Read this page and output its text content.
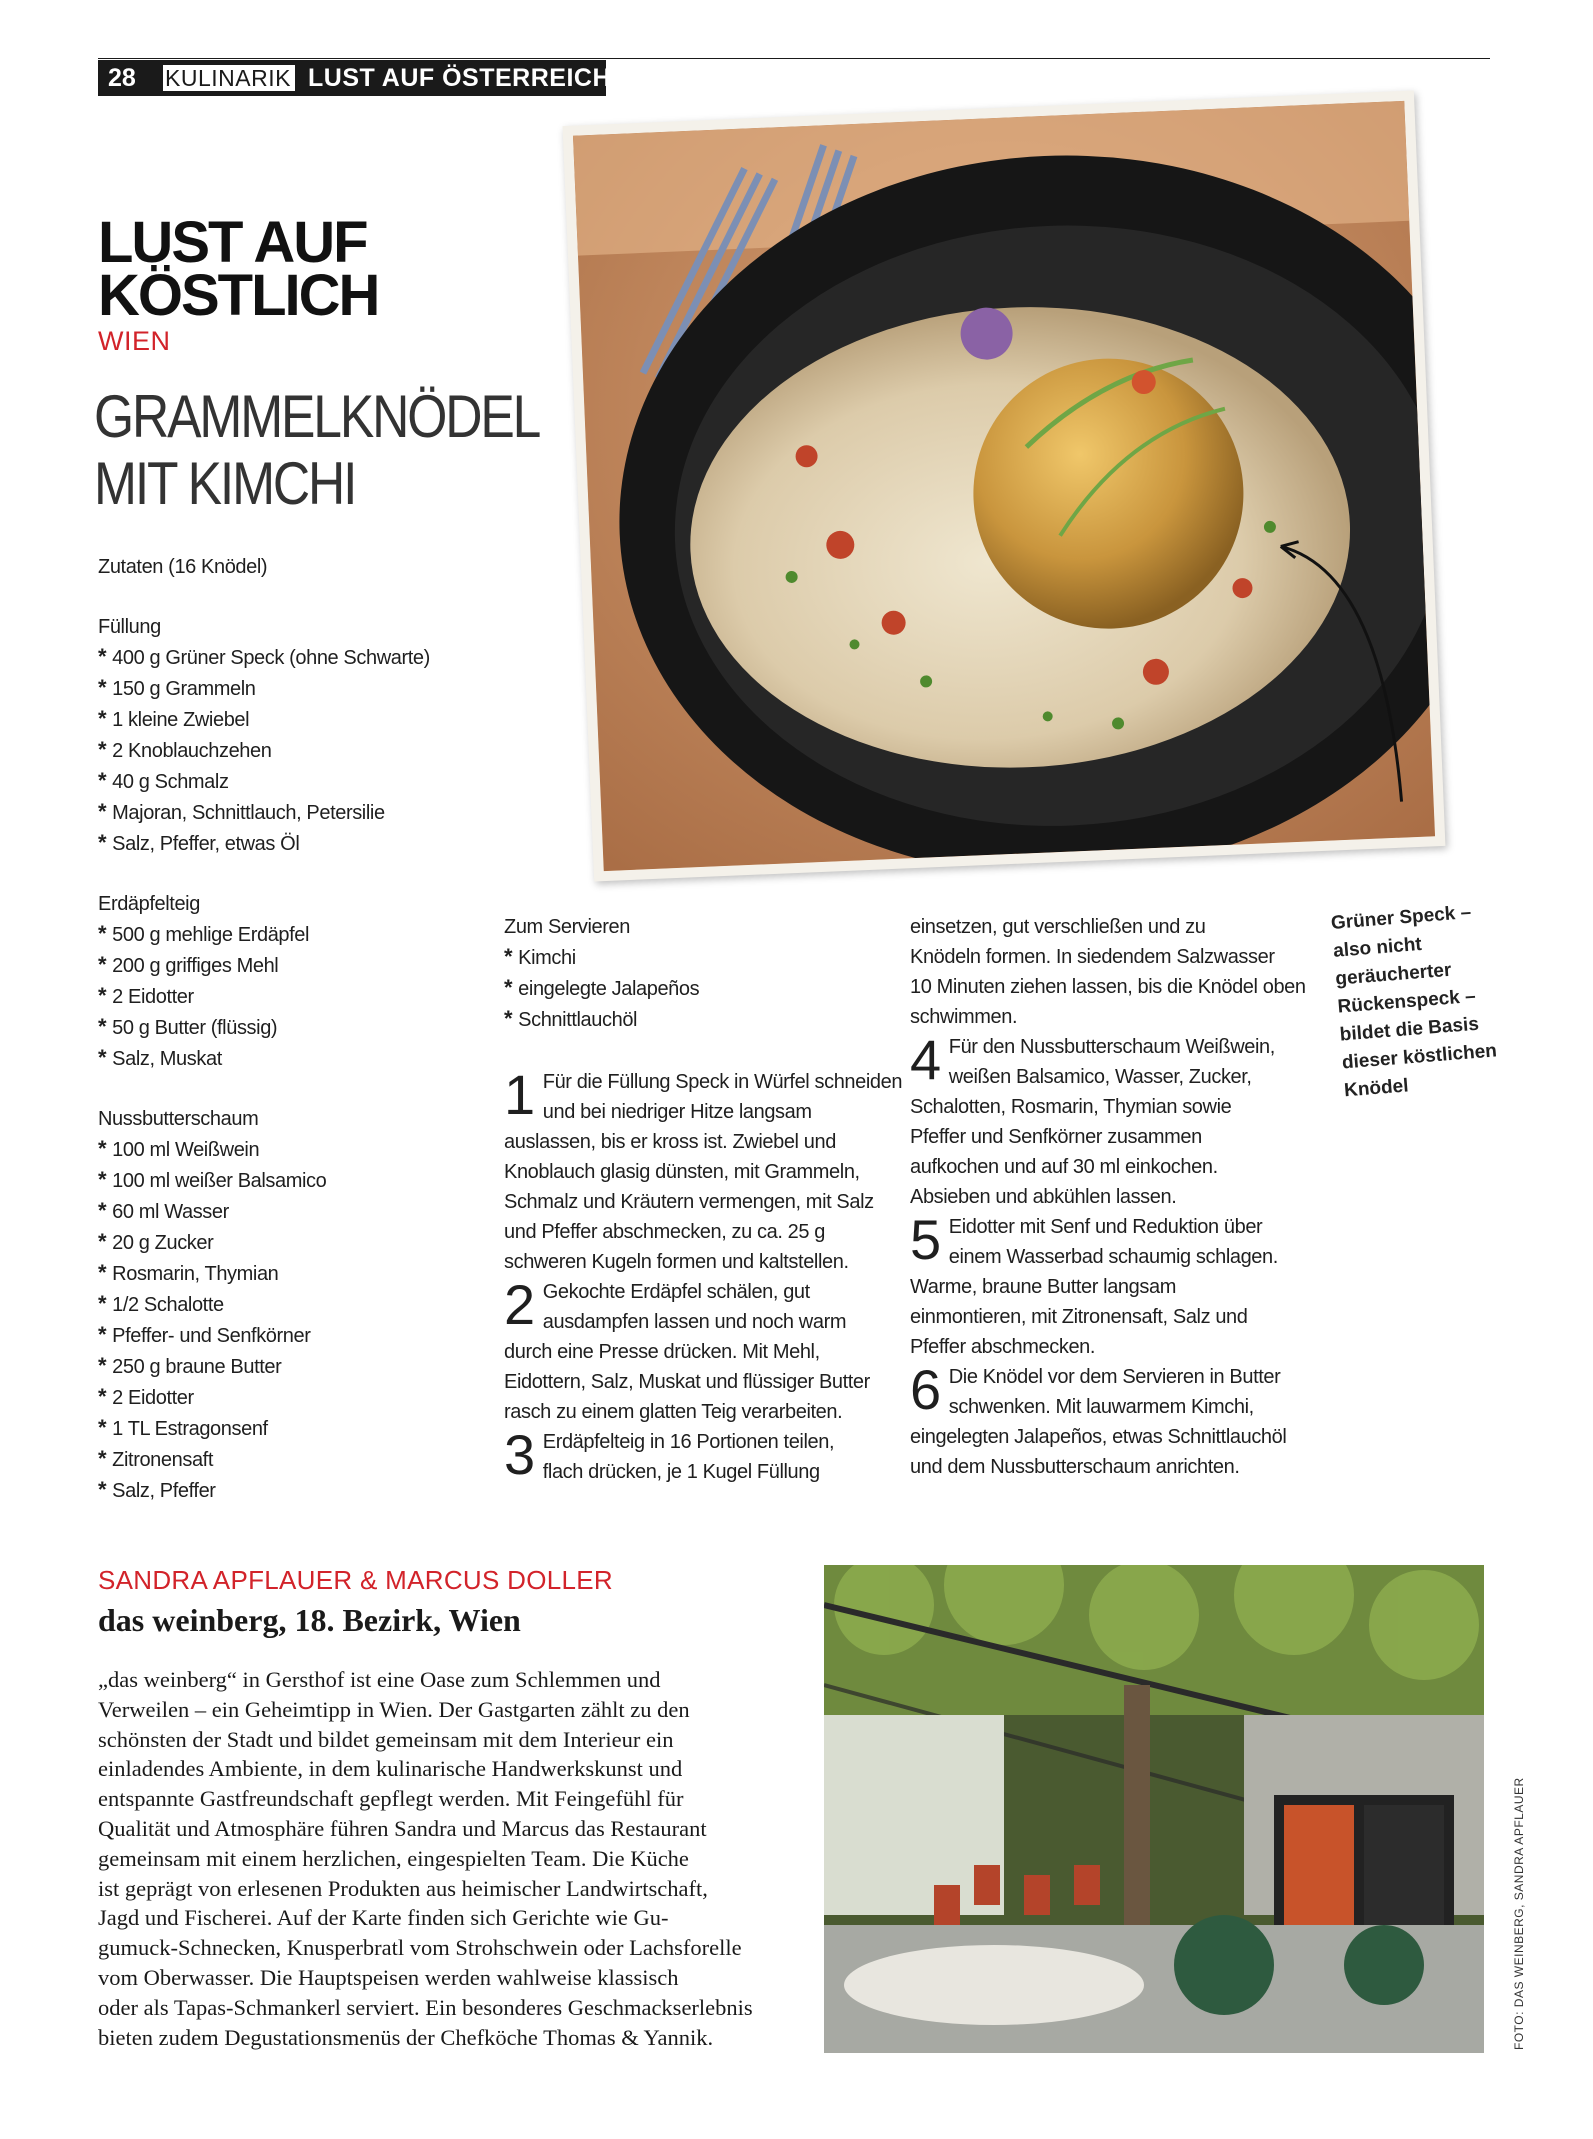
28 KULINARIK LUST AUF ÖSTERREICH
LUST AUF
KÖSTLICH
WIEN
GRAMMELKNÖDEL
MIT KIMCHI
Zutaten (16 Knödel)
Füllung
* 400 g Grüner Speck (ohne Schwarte)
* 150 g Grammeln
* 1 kleine Zwiebel
* 2 Knoblauchzehen
* 40 g Schmalz
* Majoran, Schnittlauch, Petersilie
* Salz, Pfeffer, etwas Öl
Erdäpfelteig
* 500 g mehlige Erdäpfel
* 200 g griffiges Mehl
* 2 Eidotter
* 50 g Butter (flüssig)
* Salz, Muskat
Nussbutterschaum
* 100 ml Weißwein
* 100 ml weißer Balsamico
* 60 ml Wasser
* 20 g Zucker
* Rosmarin, Thymian
* 1/2 Schalotte
* Pfeffer- und Senfkörner
* 250 g braune Butter
* 2 Eidotter
* 1 TL Estragonsenf
* Zitronensaft
* Salz, Pfeffer
Zum Servieren
* Kimchi
* eingelegte Jalapeños
* Schnittlauchöl
1 Für die Füllung Speck in Würfel schneiden
und bei niedriger Hitze langsam
auslassen, bis er kross ist. Zwiebel und
Knoblauch glasig dünsten, mit Grammeln,
Schmalz und Kräutern vermengen, mit Salz
und Pfeffer abschmecken, zu ca. 25 g
schweren Kugeln formen und kaltstellen.
2 Gekochte Erdäpfel schälen, gut
ausdampfen lassen und noch warm
durch eine Presse drücken. Mit Mehl,
Eidottern, Salz, Muskat und flüssiger Butter
rasch zu einem glatten Teig verarbeiten.
3 Erdäpfelteig in 16 Portionen teilen,
flach drücken, je 1 Kugel Füllung
einsetzen, gut verschließen und zu
Knödeln formen. In siedendem Salzwasser
10 Minuten ziehen lassen, bis die Knödel oben
schwimmen.
4 Für den Nussbutterschaum Weißwein,
weißen Balsamico, Wasser, Zucker,
Schalotten, Rosmarin, Thymian sowie
Pfeffer und Senfkörner zusammen
aufkochen und auf 30 ml einkochen.
Absieben und abkühlen lassen.
5 Eidotter mit Senf und Reduktion über
einem Wasserbad schaumig schlagen.
Warme, braune Butter langsam
einmontieren, mit Zitronensaft, Salz und
Pfeffer abschmecken.
6 Die Knödel vor dem Servieren in Butter
schwenken. Mit lauwarmem Kimchi,
eingelegten Jalapeños, etwas Schnittlauchöl
und dem Nussbutterschaum anrichten.
Grüner Speck –
also nicht
geräucherter
Rückenspeck –
bildet die Basis
dieser köstlichen
Knödel
SANDRA APFLAUER & MARCUS DOLLER
das weinberg, 18. Bezirk, Wien
„das weinberg“ in Gersthof ist eine Oase zum Schlemmen und
Verweilen – ein Geheimtipp in Wien. Der Gastgarten zählt zu den
schönsten der Stadt und bildet gemeinsam mit dem Interieur ein
einladendes Ambiente, in dem kulinarische Handwerkskunst und
entspannte Gastfreundschaft gepflegt werden. Mit Feingefühl für
Qualität und Atmosphäre führen Sandra und Marcus das Restaurant
gemeinsam mit einem herzlichen, eingespielten Team. Die Küche
ist geprägt von erlesenen Produkten aus heimischer Landwirtschaft,
Jagd und Fischerei. Auf der Karte finden sich Gerichte wie Gu-
gumuck-Schnecken, Knusperbratl vom Strohschwein oder Lachsforelle
vom Oberwasser. Die Hauptspeisen werden wahlweise klassisch
oder als Tapas-Schmankerl serviert. Ein besonderes Geschmackserlebnis
bieten zudem Degustationsmenüs der Chefköche Thomas & Yannik.	FOTO: DAS WEINBERG, SANDRA APFLAUER
